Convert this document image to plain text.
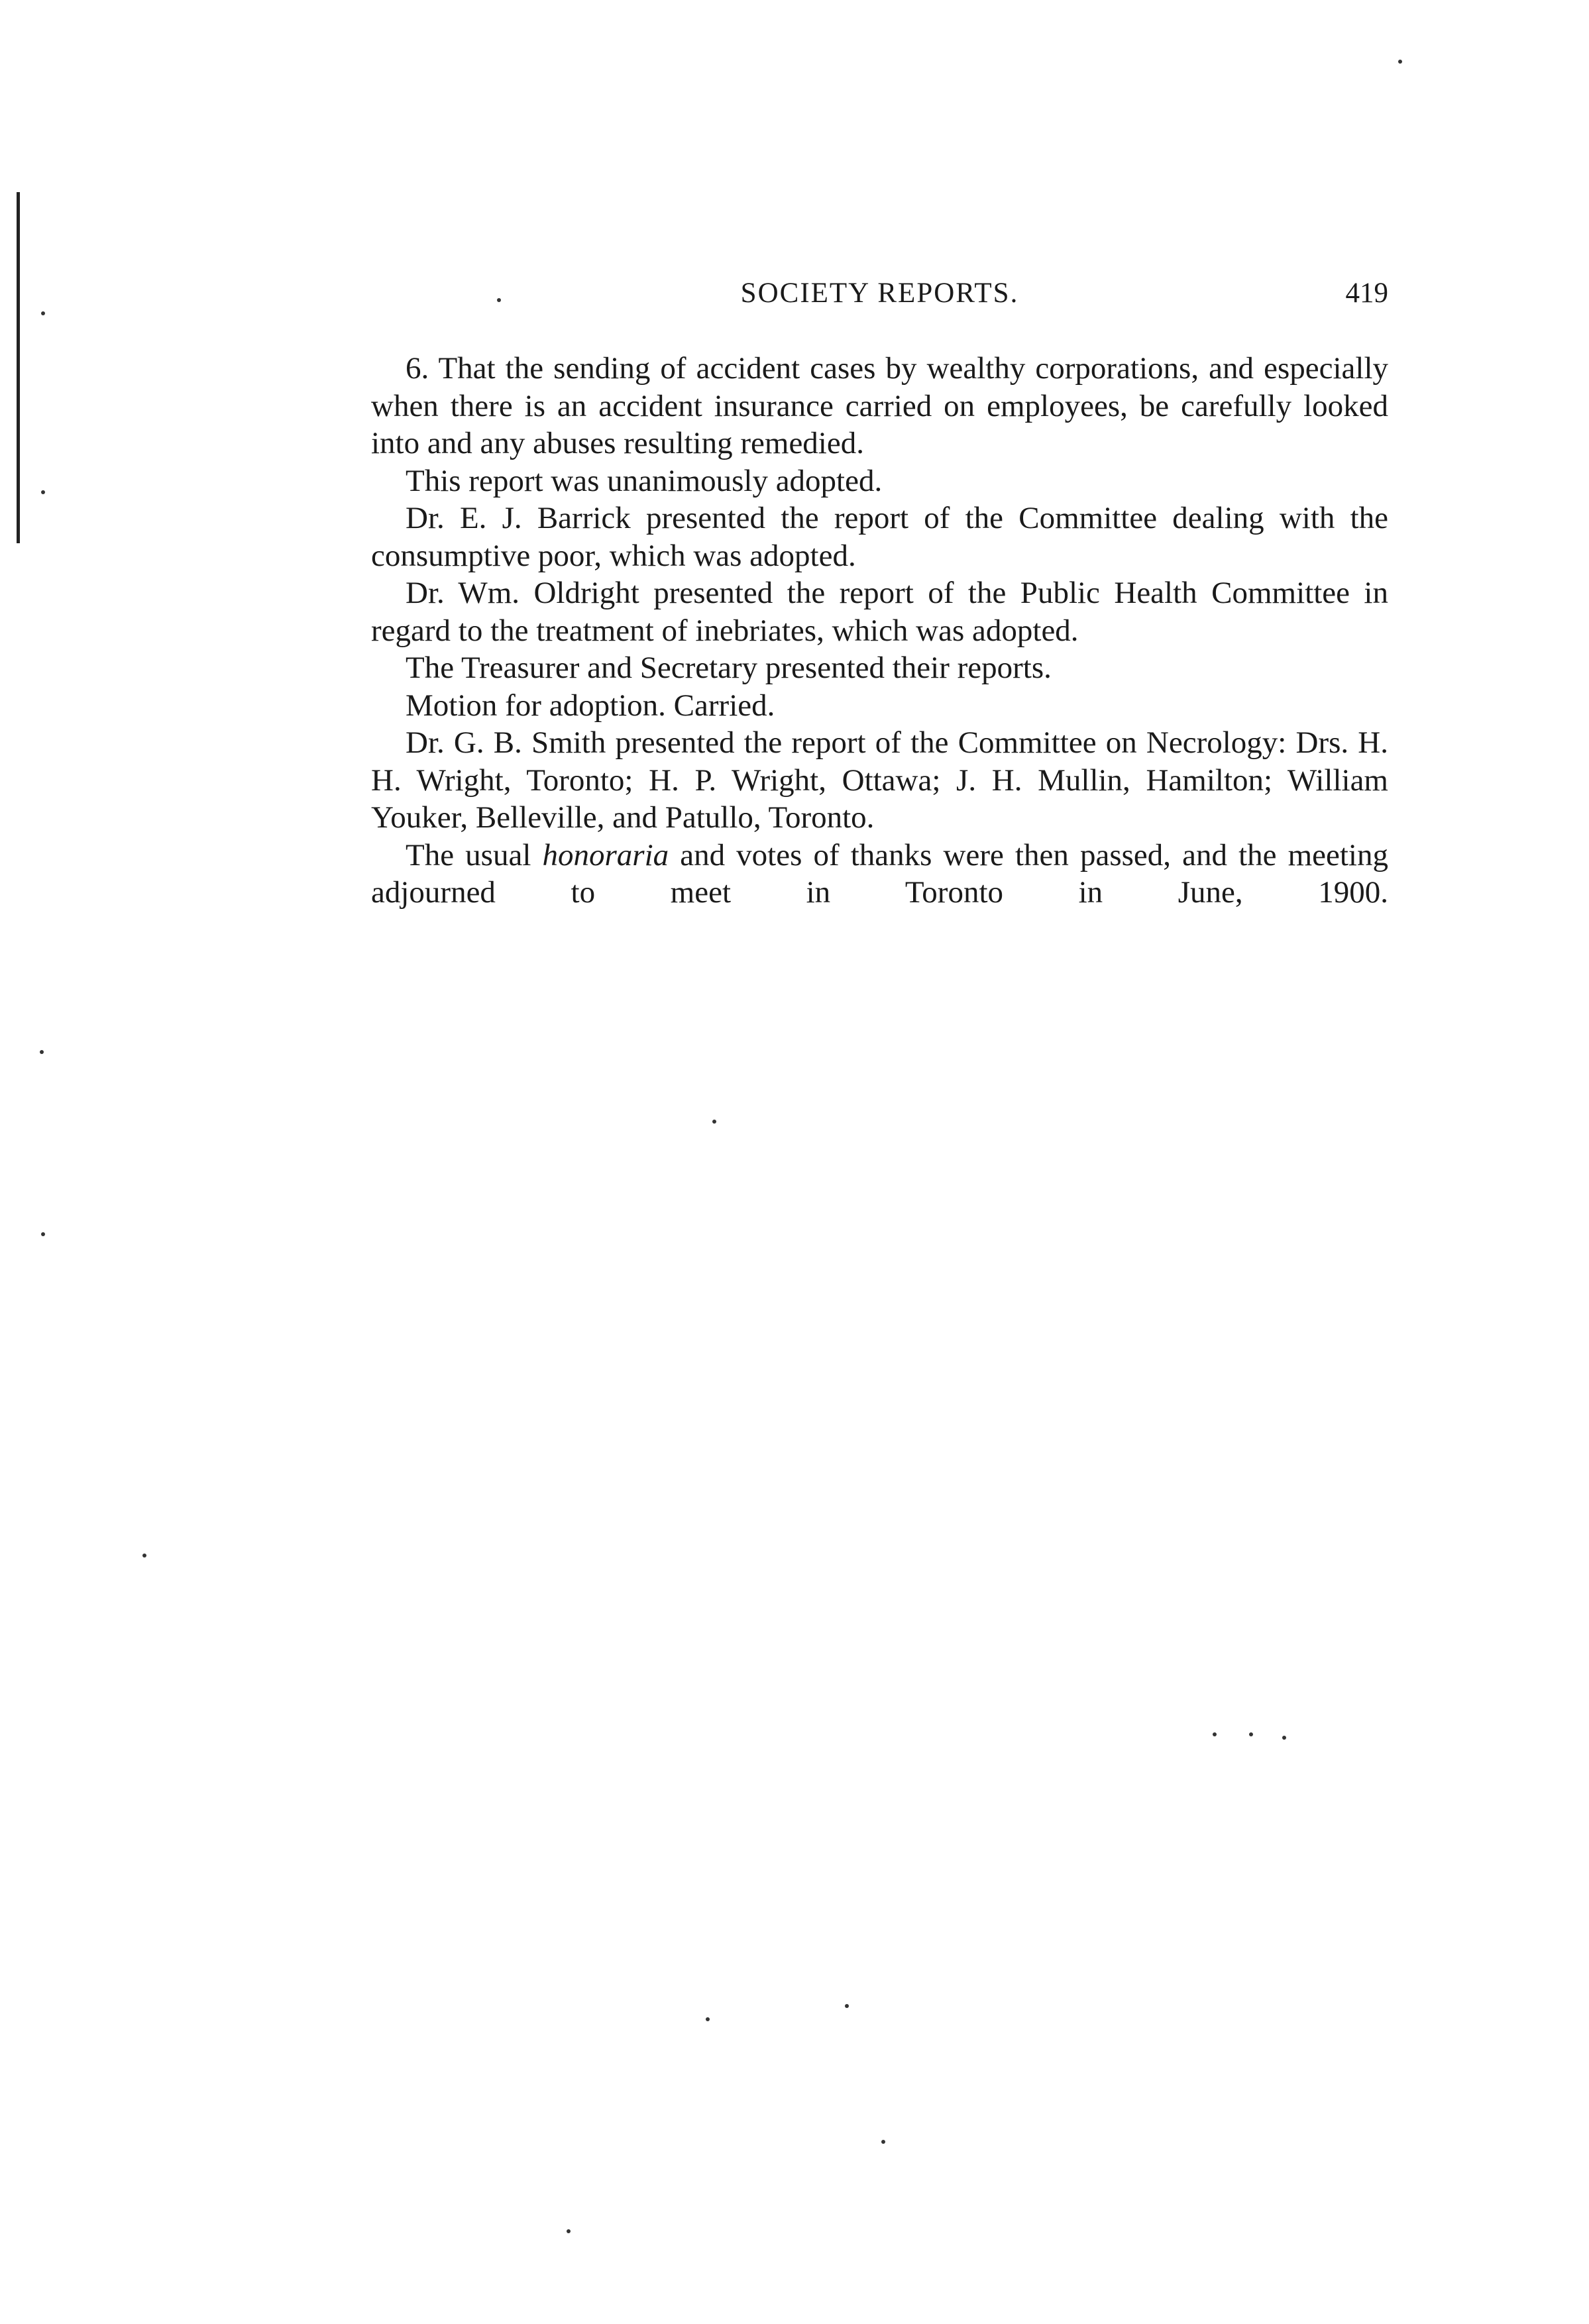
SOCIETY REPORTS.	419

6. That the sending of accident cases by wealthy corporations, and especially when there is an accident insurance carried on employees, be carefully looked into and any abuses resulting remedied.

This report was unanimously adopted.

Dr. E. J. Barrick presented the report of the Committee dealing with the consumptive poor, which was adopted.

Dr. Wm. Oldright presented the report of the Public Health Committee in regard to the treatment of inebriates, which was adopted.

The Treasurer and Secretary presented their reports.

Motion for adoption. Carried.

Dr. G. B. Smith presented the report of the Committee on Necrology: Drs. H. H. Wright, Toronto; H. P. Wright, Ottawa; J. H. Mullin, Hamilton; William Youker, Belleville, and Patullo, Toronto.

The usual honoraria and votes of thanks were then passed, and the meeting adjourned to meet in Toronto in June, 1900.
